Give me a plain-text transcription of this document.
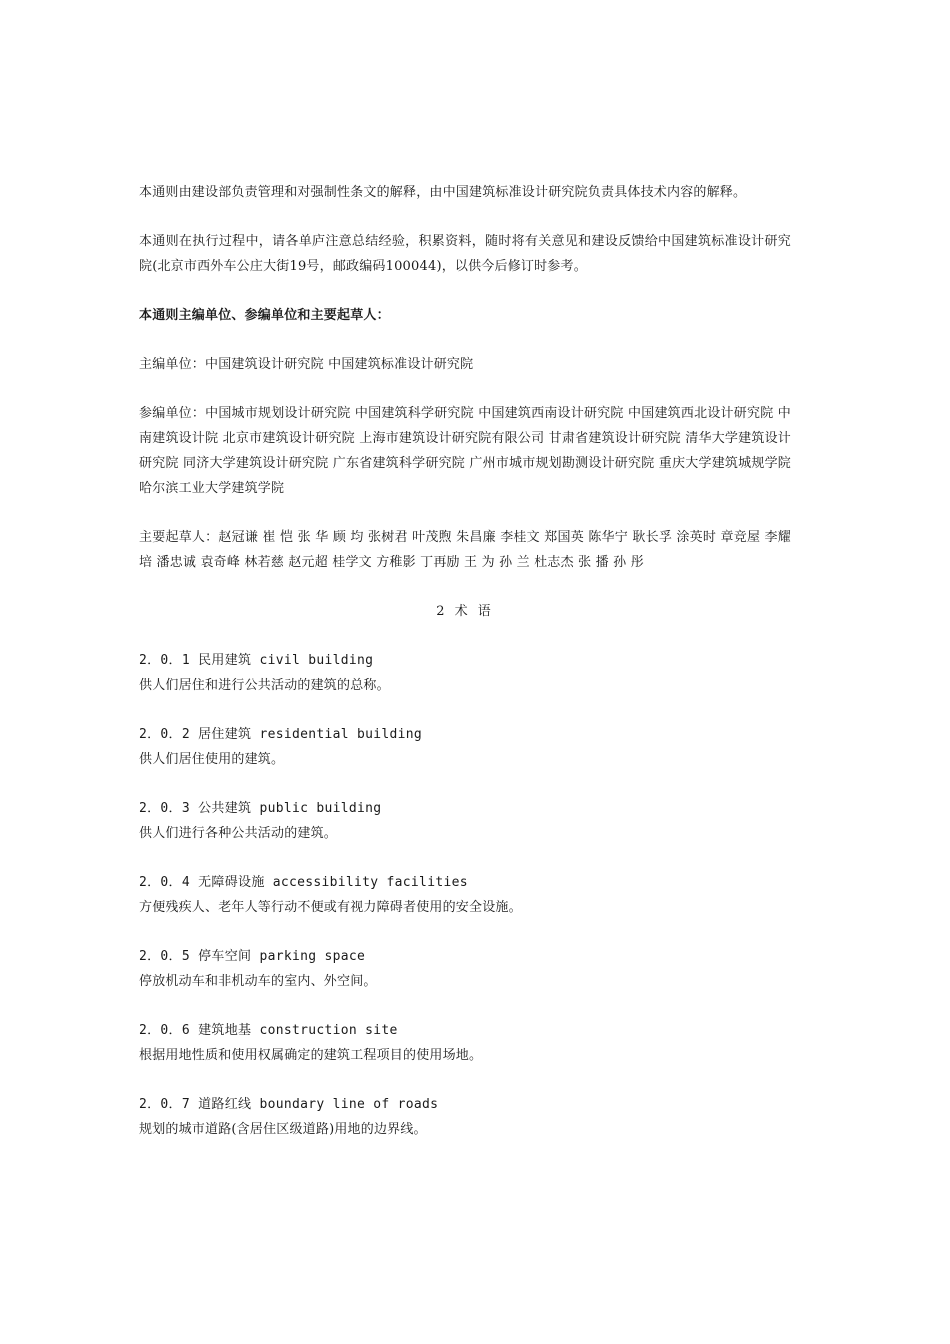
本通则由建设部负责管理和对强制性条文的解释，由中国建筑标准设计研究院负责具体技术内容的解释。

本通则在执行过程中，请各单庐注意总结经验，积累资料，随时将有关意见和建设反馈给中国建筑标准设计研究院(北京市西外车公庄大街19号，邮政编码100044)，以供今后修订时参考。

本通则主编单位、参编单位和主要起草人：

主编单位：中国建筑设计研究院 中国建筑标准设计研究院

参编单位：中国城市规划设计研究院 中国建筑科学研究院 中国建筑西南设计研究院 中国建筑西北设计研究院 中南建筑设计院 北京市建筑设计研究院 上海市建筑设计研究院有限公司 甘肃省建筑设计研究院 清华大学建筑设计研究院 同济大学建筑设计研究院 广东省建筑科学研究院 广州市城市规划勘测设计研究院 重庆大学建筑城规学院 哈尔滨工业大学建筑学院

主要起草人：赵冠谦 崔 恺 张 华 顾 均 张树君 叶茂煦 朱昌廉 李桂文 郑国英 陈华宁 耿长孚 涂英时 章竞屋 李耀培 潘忠诚 袁奇峰 林若慈 赵元超 桂学文 方稚影 丁再励 王 为 孙 兰 杜志杰 张 播 孙 彤

2 术 语
2．0．1 民用建筑 civil building
供人们居住和进行公共活动的建筑的总称。
2．0．2 居住建筑 residential building
供人们居住使用的建筑。
2．0．3 公共建筑 public building
供人们进行各种公共活动的建筑。
2．0．4 无障碍设施 accessibility facilities
方便残疾人、老年人等行动不便或有视力障碍者使用的安全设施。
2．0．5 停车空间 parking space
停放机动车和非机动车的室内、外空间。
2．0．6 建筑地基 construction site
根据用地性质和使用权属确定的建筑工程项目的使用场地。
2．0．7 道路红线 boundary line of roads
规划的城市道路(含居住区级道路)用地的边界线。
